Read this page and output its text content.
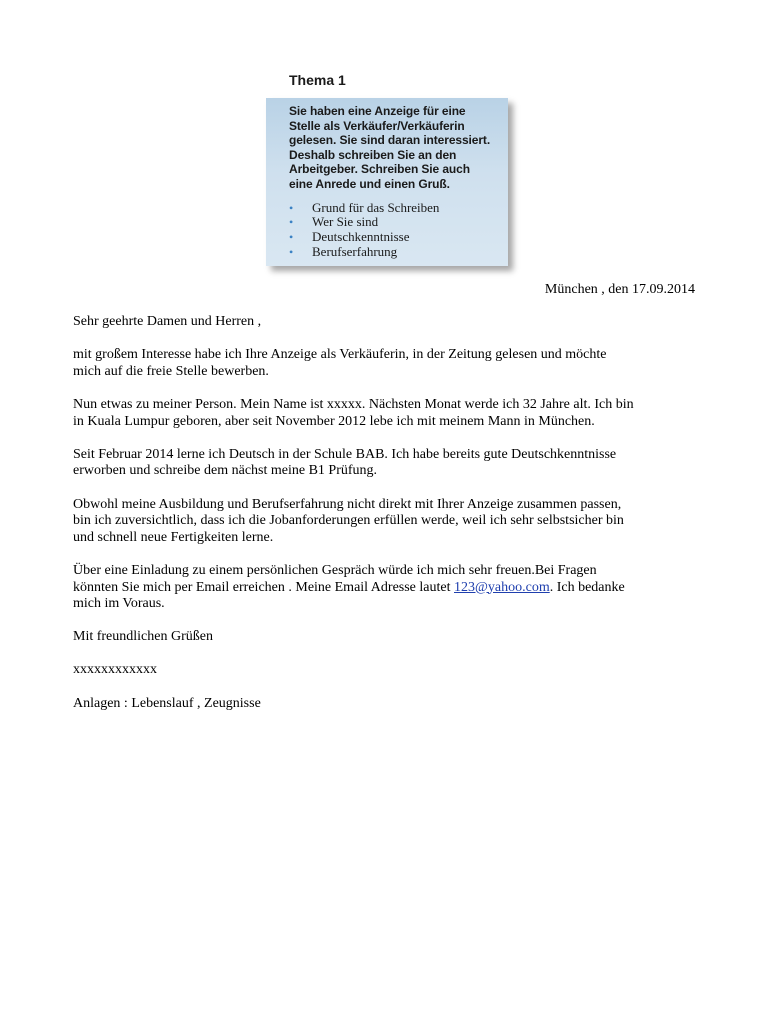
Thema 1
Sie haben eine Anzeige für eine
Stelle als Verkäufer/Verkäuferin
gelesen. Sie sind daran interessiert.
Deshalb schreiben Sie an den
Arbeitgeber. Schreiben Sie auch
eine Anrede und einen Gruß.
• Grund für das Schreiben
• Wer Sie sind
• Deutschkenntnisse
• Berufserfahrung
München , den 17.09.2014

Sehr geehrte Damen und Herren ,

mit großem Interesse habe ich Ihre Anzeige als Verkäuferin, in der Zeitung gelesen und möchte
mich auf die freie Stelle bewerben.

Nun etwas zu meiner Person. Mein Name ist xxxxx. Nächsten Monat werde ich 32 Jahre alt. Ich bin
in Kuala Lumpur geboren, aber seit November 2012 lebe ich mit meinem Mann in München.

Seit Februar 2014 lerne ich Deutsch in der Schule BAB. Ich habe bereits gute Deutschkenntnisse
erworben und schreibe dem nächst meine B1 Prüfung.

Obwohl meine Ausbildung und Berufserfahrung nicht direkt mit Ihrer Anzeige zusammen passen,
bin ich zuversichtlich, dass ich die Jobanforderungen erfüllen werde, weil ich sehr selbstsicher bin
und schnell neue Fertigkeiten lerne.

Über eine Einladung zu einem persönlichen Gespräch würde ich mich sehr freuen.Bei Fragen
könnten Sie mich per Email erreichen . Meine Email Adresse lautet 123@yahoo.com. Ich bedanke
mich im Voraus.

Mit freundlichen Grüßen

xxxxxxxxxxxx

Anlagen : Lebenslauf , Zeugnisse
